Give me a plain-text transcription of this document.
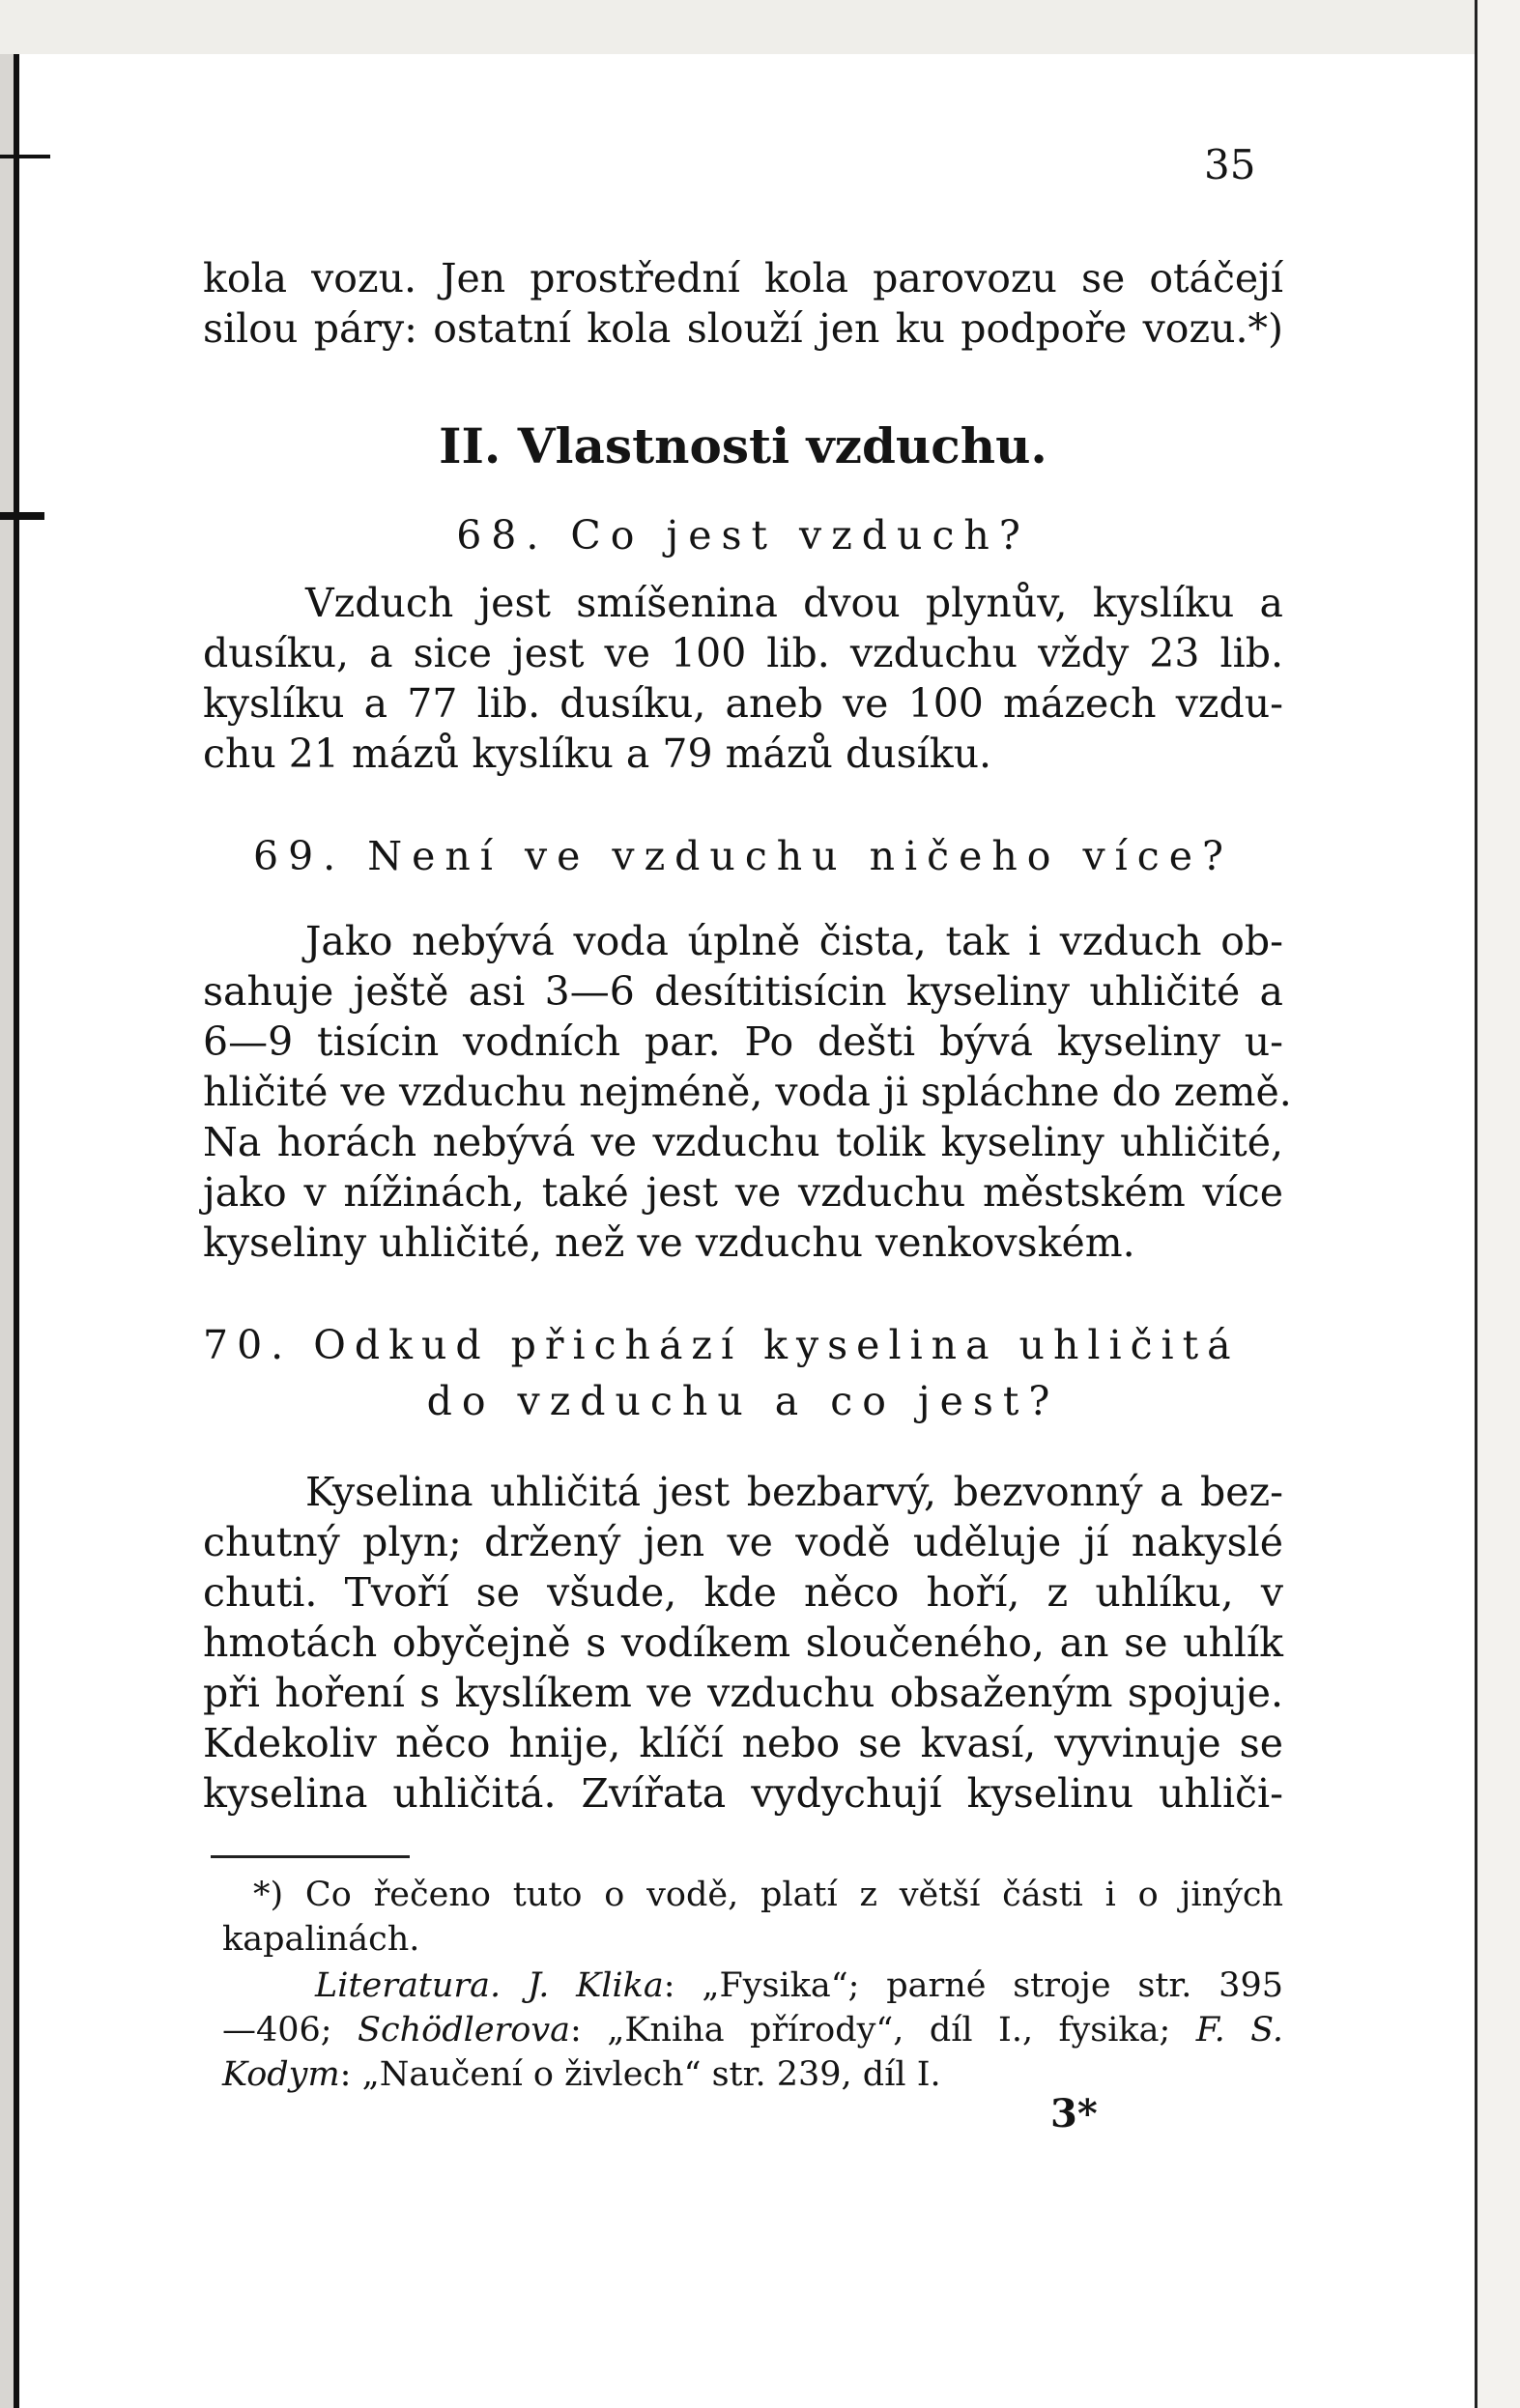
35
kola vozu. Jen prostřední kola parovozu se otáčejí
silou páry: ostatní kola slouží jen ku podpoře vozu.*)
II. Vlastnosti vzduchu.
68. Co jest vzduch?
Vzduch jest smíšenina dvou plynův, kyslíku a
dusíku, a sice jest ve 100 lib. vzduchu vždy 23 lib.
kyslíku a 77 lib. dusíku, aneb ve 100 mázech vzdu-
chu 21 mázů kyslíku a 79 mázů dusíku.
69. Není ve vzduchu ničeho více?
Jako nebývá voda úplně čista, tak i vzduch ob-
sahuje ještě asi 3—6 desítitisícin kyseliny uhličité a
6—9 tisícin vodních par. Po dešti bývá kyseliny u-
hličité ve vzduchu nejméně, voda ji spláchne do země.
Na horách nebývá ve vzduchu tolik kyseliny uhličité,
jako v nížinách, také jest ve vzduchu městském více
kyseliny uhličité, než ve vzduchu venkovském.
70. Odkud přichází kyselina uhličitá
do vzduchu a co jest?
Kyselina uhličitá jest bezbarvý, bezvonný a bez-
chutný plyn; držený jen ve vodě uděluje jí nakyslé
chuti. Tvoří se všude, kde něco hoří, z uhlíku, v
hmotách obyčejně s vodíkem sloučeného, an se uhlík
při hoření s kyslíkem ve vzduchu obsaženým spojuje.
Kdekoliv něco hnije, klíčí nebo se kvasí, vyvinuje se
kyselina uhličitá. Zvířata vydychují kyselinu uhliči-
*) Co řečeno tuto o vodě, platí z větší části i o jiných
kapalinách.
Literatura. J. Klika: „Fysika“; parné stroje str. 395
—406; Schödlerova: „Kniha přírody“, díl I., fysika; F. S.
Kodym: „Naučení o živlech“ str. 239, díl I.
3*
